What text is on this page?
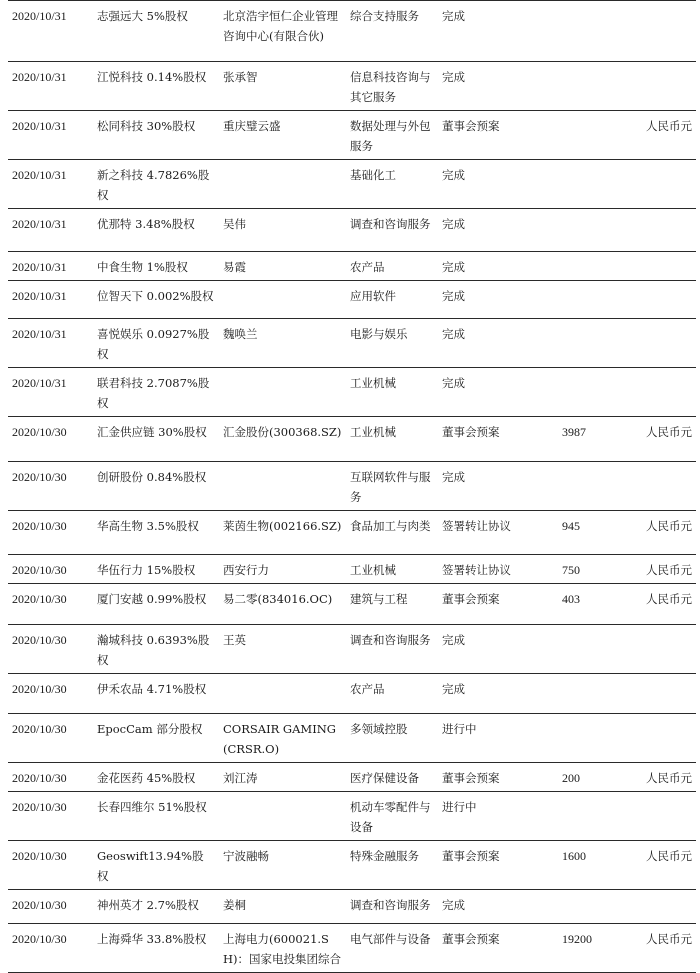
2020/10/31	志强远大 5%股权	北京浩宇恒仁企业管理咨询中心(有限合伙)	综合支持服务	完成		
2020/10/31	江悦科技 0.14%股权	张承智	信息科技咨询与其它服务	完成		
2020/10/31	松同科技 30%股权	重庆璧云盛	数据处理与外包服务	董事会预案		人民币元
2020/10/31	新之科技 4.7826%股权		基础化工	完成		
2020/10/31	优那特 3.48%股权	吴伟	调查和咨询服务	完成		
2020/10/31	中食生物 1%股权	易霞	农产品	完成		
2020/10/31	位智天下 0.002%股权		应用软件	完成		
2020/10/31	喜悦娱乐 0.0927%股权	魏唤兰	电影与娱乐	完成		
2020/10/31	联君科技 2.7087%股权		工业机械	完成		
2020/10/30	汇金供应链 30%股权	汇金股份(300368.SZ)	工业机械	董事会预案	3987	人民币元
2020/10/30	创研股份 0.84%股权		互联网软件与服务	完成		
2020/10/30	华高生物 3.5%股权	莱茵生物(002166.SZ)	食品加工与肉类	签署转让协议	945	人民币元
2020/10/30	华伍行力 15%股权	西安行力	工业机械	签署转让协议	750	人民币元
2020/10/30	厦门安越 0.99%股权	易二零(834016.OC)	建筑与工程	董事会预案	403	人民币元
2020/10/30	瀚城科技 0.6393%股权	王英	调查和咨询服务	完成		
2020/10/30	伊禾农品 4.71%股权		农产品	完成		
2020/10/30	EpocCam 部分股权	CORSAIR GAMING(CRSR.O)	多领域控股	进行中		
2020/10/30	金花医药 45%股权	刘江涛	医疗保健设备	董事会预案	200	人民币元
2020/10/30	长春四维尔 51%股权		机动车零配件与设备	进行中		
2020/10/30	Geoswift13.94%股权	宁波融畅	特殊金融服务	董事会预案	1600	人民币元
2020/10/30	神州英才 2.7%股权	姜桐	调查和咨询服务	完成		
2020/10/30	上海舜华 33.8%股权	上海电力(600021.SH)：国家电投集团综合	电气部件与设备	董事会预案	19200	人民币元
